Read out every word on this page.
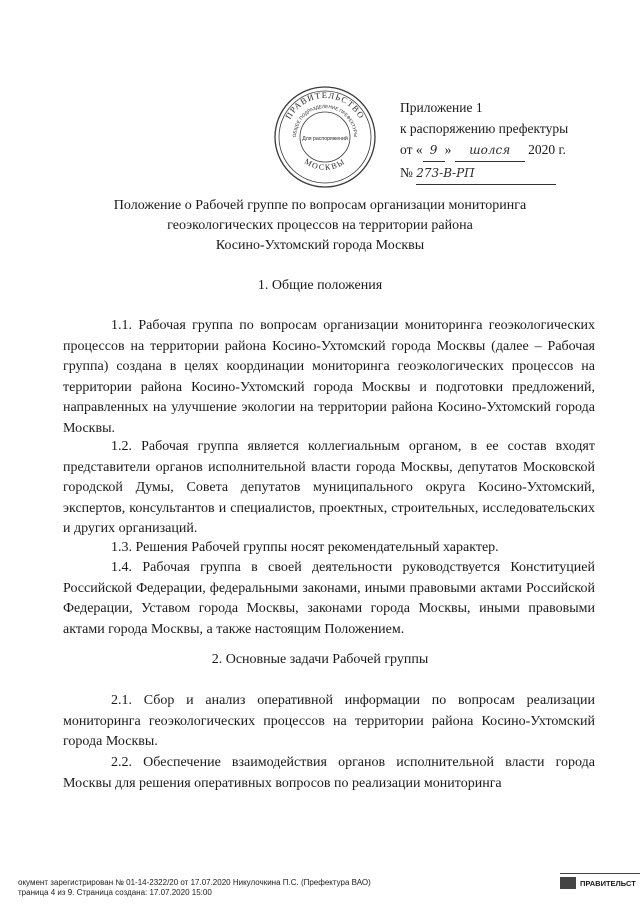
ПРАВИТЕЛЬСТВО
ОБЩЕЕ ПОДРАЗДЕЛЕНИЕ ПРЕФЕКТУРЫ
МОСКВЫ
Для распоряжений
Приложение 1
к распоряжению префектуры
от « 9 » шолся 2020 г.
№ 273-В-РП
Положение о Рабочей группе по вопросам организации мониторинга
геоэкологических процессов на территории района
Косино-Ухтомский города Москвы
1. Общие положения

1.1. Рабочая группа по вопросам организации мониторинга геоэкологических процессов на территории района Косино-Ухтомский города Москвы (далее – Рабочая группа) создана в целях координации мониторинга геоэкологических процессов на территории района Косино-Ухтомский города Москвы и подготовки предложений, направленных на улучшение экологии на территории района Косино-Ухтомский города Москвы.

1.2. Рабочая группа является коллегиальным органом, в ее состав входят представители органов исполнительной власти города Москвы, депутатов Московской городской Думы, Совета депутатов муниципального округа Косино-Ухтомский, экспертов, консультантов и специалистов, проектных, строительных, исследовательских и других организаций.

1.3. Решения Рабочей группы носят рекомендательный характер.

1.4. Рабочая группа в своей деятельности руководствуется Конституцией Российской Федерации, федеральными законами, иными правовыми актами Российской Федерации, Уставом города Москвы, законами города Москвы, иными правовыми актами города Москвы, а также настоящим Положением.

2. Основные задачи Рабочей группы

2.1. Сбор и анализ оперативной информации по вопросам реализации мониторинга геоэкологических процессов на территории района Косино-Ухтомский города Москвы.

2.2. Обеспечение взаимодействия органов исполнительной власти города Москвы для решения оперативных вопросов по реализации мониторинга

окумент зарегистрирован № 01-14-2322/20 от 17.07.2020 Никулочкина П.С. (Префектура ВАО)
траница 4 из 9. Страница создана: 17.07.2020 15:00
ПРАВИТЕЛЬСТ
